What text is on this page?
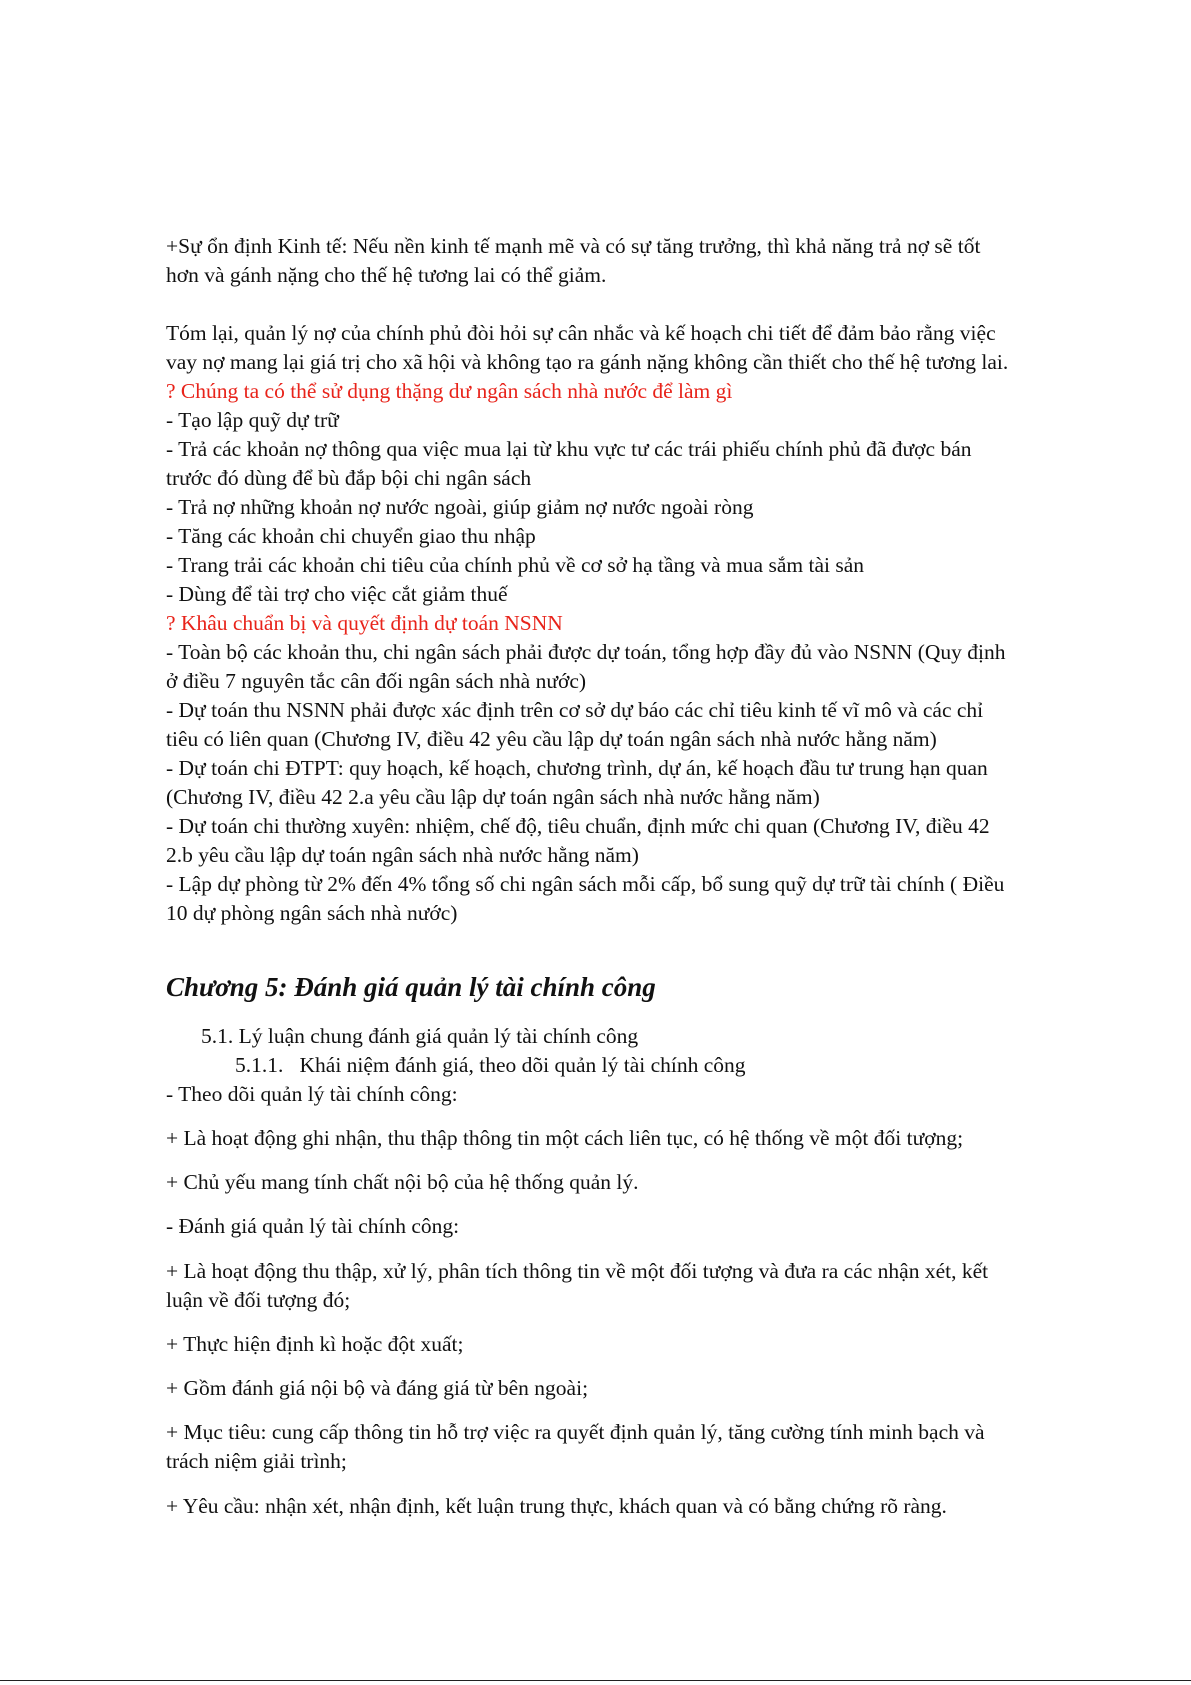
+Sự ổn định Kinh tế: Nếu nền kinh tế mạnh mẽ và có sự tăng trưởng, thì khả năng trả nợ sẽ tốt
hơn và gánh nặng cho thế hệ tương lai có thể giảm.
Tóm lại, quản lý nợ của chính phủ đòi hỏi sự cân nhắc và kế hoạch chi tiết để đảm bảo rằng việc
vay nợ mang lại giá trị cho xã hội và không tạo ra gánh nặng không cần thiết cho thế hệ tương lai.
? Chúng ta có thể sử dụng thặng dư ngân sách nhà nước để làm gì
- Tạo lập quỹ dự trữ
- Trả các khoản nợ thông qua việc mua lại từ khu vực tư các trái phiếu chính phủ đã được bán
trước đó dùng để bù đắp bội chi ngân sách
- Trả nợ những khoản nợ nước ngoài, giúp giảm nợ nước ngoài ròng
- Tăng các khoản chi chuyển giao thu nhập
- Trang trải các khoản chi tiêu của chính phủ về cơ sở hạ tầng và mua sắm tài sản
- Dùng để tài trợ cho việc cắt giảm thuế
? Khâu chuẩn bị và quyết định dự toán NSNN
- Toàn bộ các khoản thu, chi ngân sách phải được dự toán, tổng hợp đầy đủ vào NSNN (Quy định
ở điều 7 nguyên tắc cân đối ngân sách nhà nước)
- Dự toán thu NSNN phải được xác định trên cơ sở dự báo các chỉ tiêu kinh tế vĩ mô và các chỉ
tiêu có liên quan (Chương IV, điều 42 yêu cầu lập dự toán ngân sách nhà nước hằng năm)
- Dự toán chi ĐTPT: quy hoạch, kế hoạch, chương trình, dự án, kế hoạch đầu tư trung hạn quan
(Chương IV, điều 42 2.a yêu cầu lập dự toán ngân sách nhà nước hằng năm)
- Dự toán chi thường xuyên: nhiệm, chế độ, tiêu chuẩn, định mức chi quan (Chương IV, điều 42
2.b yêu cầu lập dự toán ngân sách nhà nước hằng năm)
- Lập dự phòng từ 2% đến 4% tổng số chi ngân sách mỗi cấp, bổ sung quỹ dự trữ tài chính ( Điều
10 dự phòng ngân sách nhà nước)
Chương 5: Đánh giá quản lý tài chính công
5.1. Lý luận chung đánh giá quản lý tài chính công
5.1.1. Khái niệm đánh giá, theo dõi quản lý tài chính công
- Theo dõi quản lý tài chính công:
+ Là hoạt động ghi nhận, thu thập thông tin một cách liên tục, có hệ thống về một đối tượng;
+ Chủ yếu mang tính chất nội bộ của hệ thống quản lý.
- Đánh giá quản lý tài chính công:
+ Là hoạt động thu thập, xử lý, phân tích thông tin về một đối tượng và đưa ra các nhận xét, kết
luận về đối tượng đó;
+ Thực hiện định kì hoặc đột xuất;
+ Gồm đánh giá nội bộ và đáng giá từ bên ngoài;
+ Mục tiêu: cung cấp thông tin hỗ trợ việc ra quyết định quản lý, tăng cường tính minh bạch và
trách niệm giải trình;
+ Yêu cầu: nhận xét, nhận định, kết luận trung thực, khách quan và có bằng chứng rõ ràng.
